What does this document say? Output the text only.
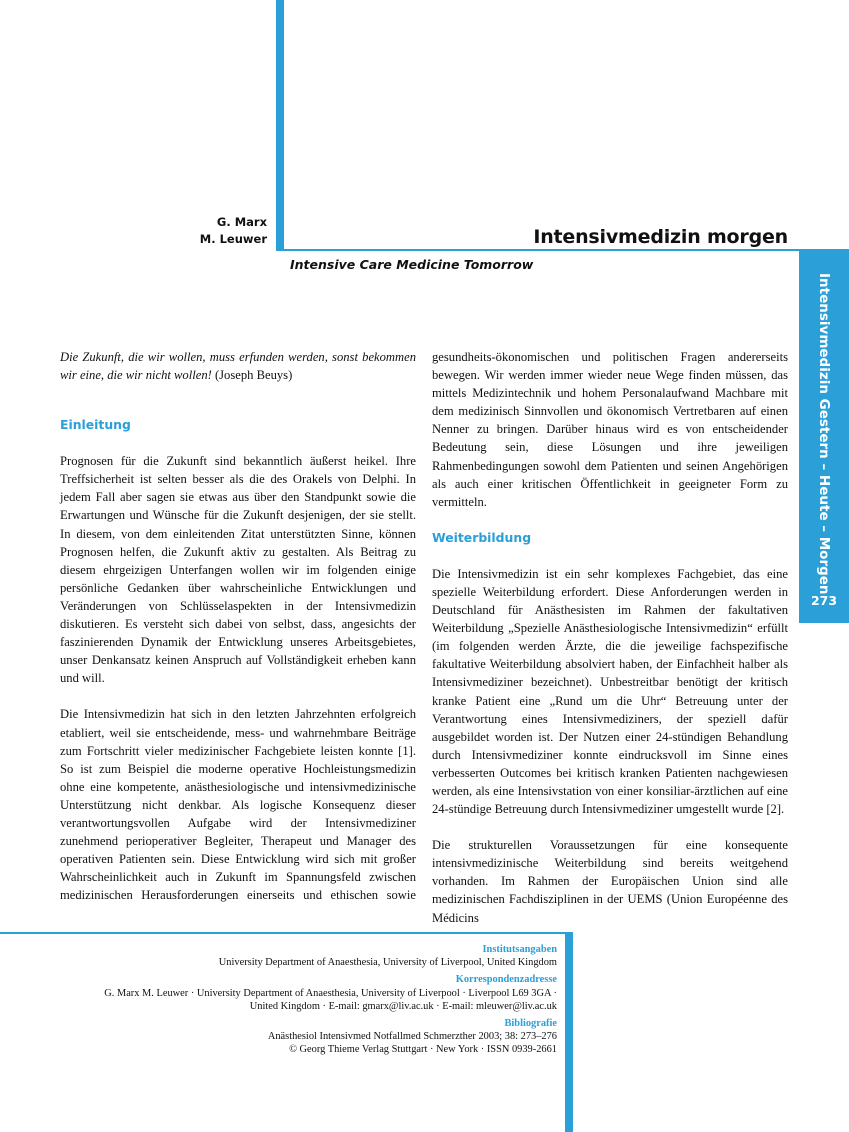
G. Marx
M. Leuwer	Intensivmedizin morgen
Intensive Care Medicine Tomorrow
Intensivmedizin Gestern – Heute – Morgen
273

Die Zukunft, die wir wollen, muss erfunden werden, sonst bekommen wir eine, die wir nicht wollen! (Joseph Beuys)

Einleitung

Prognosen für die Zukunft sind bekanntlich äußerst heikel. Ihre Treffsicherheit ist selten besser als die des Orakels von Delphi. In jedem Fall aber sagen sie etwas aus über den Standpunkt sowie die Erwartungen und Wünsche für die Zukunft desjenigen, der sie stellt. In diesem, von dem einleitenden Zitat unterstützten Sinne, können Prognosen helfen, die Zukunft aktiv zu gestalten. Als Beitrag zu diesem ehrgeizigen Unterfangen wollen wir im folgenden einige persönliche Gedanken über wahrscheinliche Entwicklungen und Veränderungen von Schlüsselaspekten in der Intensivmedizin diskutieren. Es versteht sich dabei von selbst, dass, angesichts der faszinierenden Dynamik der Entwicklung unseres Arbeitsgebietes, unser Denkansatz keinen Anspruch auf Vollständigkeit erheben kann und will.

Die Intensivmedizin hat sich in den letzten Jahrzehnten erfolgreich etabliert, weil sie entscheidende, mess- und wahrnehmbare Beiträge zum Fortschritt vieler medizinischer Fachgebiete leisten konnte [1]. So ist zum Beispiel die moderne operative Hochleistungsmedizin ohne eine kompetente, anästhesiologische und intensivmedizinische Unterstützung nicht denkbar. Als logische Konsequenz dieser verantwortungsvollen Aufgabe wird der Intensivmediziner zunehmend perioperativer Begleiter, Therapeut und Manager des operativen Patienten sein. Diese Entwicklung wird sich mit großer Wahrscheinlichkeit auch in Zukunft im Spannungsfeld zwischen medizinischen Herausforderungen einerseits und ethischen sowie

gesundheits-ökonomischen und politischen Fragen andererseits bewegen. Wir werden immer wieder neue Wege finden müssen, das mittels Medizintechnik und hohem Personalaufwand Machbare mit dem medizinisch Sinnvollen und ökonomisch Vertretbaren auf einen Nenner zu bringen. Darüber hinaus wird es von entscheidender Bedeutung sein, diese Lösungen und ihre jeweiligen Rahmenbedingungen sowohl dem Patienten und seinen Angehörigen als auch einer kritischen Öffentlichkeit in geeigneter Form zu vermitteln.

Weiterbildung

Die Intensivmedizin ist ein sehr komplexes Fachgebiet, das eine spezielle Weiterbildung erfordert. Diese Anforderungen werden in Deutschland für Anästhesisten im Rahmen der fakultativen Weiterbildung „Spezielle Anästhesiologische Intensivmedizin“ erfüllt (im folgenden werden Ärzte, die die jeweilige fachspezifische fakultative Weiterbildung absolviert haben, der Einfachheit halber als Intensivmediziner bezeichnet). Unbestreitbar benötigt der kritisch kranke Patient eine „Rund um die Uhr“ Betreuung unter der Verantwortung eines Intensivmediziners, der speziell dafür ausgebildet worden ist. Der Nutzen einer 24-stündigen Behandlung durch Intensivmediziner konnte eindrucksvoll im Sinne eines verbesserten Outcomes bei kritisch kranken Patienten nachgewiesen werden, als eine Intensivstation von einer konsiliar-ärztlichen auf eine 24-stündige Betreuung durch Intensivmediziner umgestellt wurde [2].

Die strukturellen Voraussetzungen für eine konsequente intensivmedizinische Weiterbildung sind bereits weitgehend vorhanden. Im Rahmen der Europäischen Union sind alle medizinischen Fachdisziplinen in der UEMS (Union Européenne des Médicins

Institutsangaben
University Department of Anaesthesia, University of Liverpool, United Kingdom
Korrespondenzadresse
G. Marx M. Leuwer · University Department of Anaesthesia, University of Liverpool · Liverpool L69 3GA ·
United Kingdom · E-mail: gmarx@liv.ac.uk · E-mail: mleuwer@liv.ac.uk
Bibliografie
Anästhesiol Intensivmed Notfallmed Schmerzther 2003; 38: 273–276
© Georg Thieme Verlag Stuttgart · New York · ISSN 0939-2661
